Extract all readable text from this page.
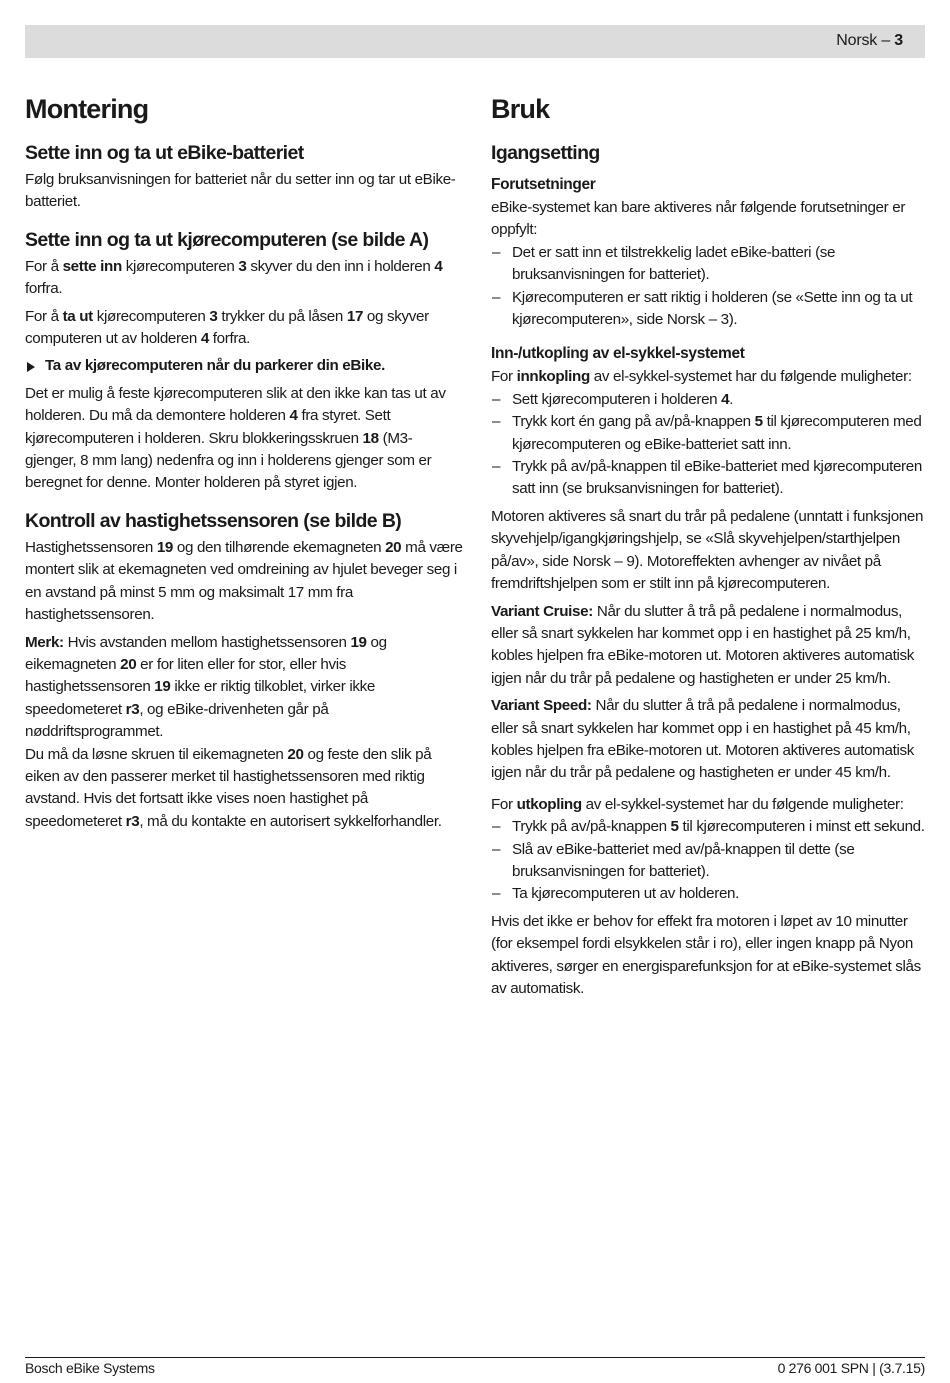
Norsk – 3
Montering
Sette inn og ta ut eBike-batteriet

Følg bruksanvisningen for batteriet når du setter inn og tar ut eBike-batteriet.

Sette inn og ta ut kjørecomputeren (se bilde A)

For å sette inn kjørecomputeren 3 skyver du den inn i holderen 4 forfra.

For å ta ut kjørecomputeren 3 trykker du på låsen 17 og skyver computeren ut av holderen 4 forfra.

Ta av kjørecomputeren når du parkerer din eBike.

Det er mulig å feste kjørecomputeren slik at den ikke kan tas ut av holderen. Du må da demontere holderen 4 fra styret. Sett kjørecomputeren i holderen. Skru blokkeringsskruen 18 (M3-gjenger, 8 mm lang) nedenfra og inn i holderens gjenger som er beregnet for denne. Monter holderen på styret igjen.

Kontroll av hastighetssensoren (se bilde B)

Hastighetssensoren 19 og den tilhørende ekemagneten 20 må være montert slik at ekemagneten ved omdreining av hjulet beveger seg i en avstand på minst 5 mm og maksimalt 17 mm fra hastighetssensoren.

Merk: Hvis avstanden mellom hastighetssensoren 19 og eikemagneten 20 er for liten eller for stor, eller hvis hastighetssensoren 19 ikke er riktig tilkoblet, virker ikke speedometeret r3, og eBike-drivenheten går på nøddriftsprogrammet.

Du må da løsne skruen til eikemagneten 20 og feste den slik på eiken av den passerer merket til hastighetssensoren med riktig avstand. Hvis det fortsatt ikke vises noen hastighet på speedometeret r3, må du kontakte en autorisert sykkelforhandler.

Bruk
Igangsetting
Forutsetninger

eBike-systemet kan bare aktiveres når følgende forutsetninger er oppfylt:

– Det er satt inn et tilstrekkelig ladet eBike-batteri (se bruksanvisningen for batteriet).
– Kjørecomputeren er satt riktig i holderen (se «Sette inn og ta ut kjørecomputeren», side Norsk – 3).
Inn-/utkopling av el-sykkel-systemet

For innkopling av el-sykkel-systemet har du følgende muligheter:

– Sett kjørecomputeren i holderen 4.
– Trykk kort én gang på av/på-knappen 5 til kjørecomputeren med kjørecomputeren og eBike-batteriet satt inn.
– Trykk på av/på-knappen til eBike-batteriet med kjørecomputeren satt inn (se bruksanvisningen for batteriet).

Motoren aktiveres så snart du trår på pedalene (unntatt i funksjonen skyvehjelp/igangkjøringshjelp, se «Slå skyvehjelpen/starthjelpen på/av», side Norsk – 9). Motoreffekten avhenger av nivået på fremdriftshjelpen som er stilt inn på kjørecomputeren.

Variant Cruise: Når du slutter å trå på pedalene i normalmodus, eller så snart sykkelen har kommet opp i en hastighet på 25 km/h, kobles hjelpen fra eBike-motoren ut. Motoren aktiveres automatisk igjen når du trår på pedalene og hastigheten er under 25 km/h.

Variant Speed: Når du slutter å trå på pedalene i normalmodus, eller så snart sykkelen har kommet opp i en hastighet på 45 km/h, kobles hjelpen fra eBike-motoren ut. Motoren aktiveres automatisk igjen når du trår på pedalene og hastigheten er under 45 km/h.

For utkopling av el-sykkel-systemet har du følgende muligheter:

– Trykk på av/på-knappen 5 til kjørecomputeren i minst ett sekund.
– Slå av eBike-batteriet med av/på-knappen til dette (se bruksanvisningen for batteriet).
– Ta kjørecomputeren ut av holderen.

Hvis det ikke er behov for effekt fra motoren i løpet av 10 minutter (for eksempel fordi elsykkelen står i ro), eller ingen knapp på Nyon aktiveres, sørger en energisparefunksjon for at eBike-systemet slås av automatisk.

Bosch eBike Systems	0 276 001 SPN | (3.7.15)
